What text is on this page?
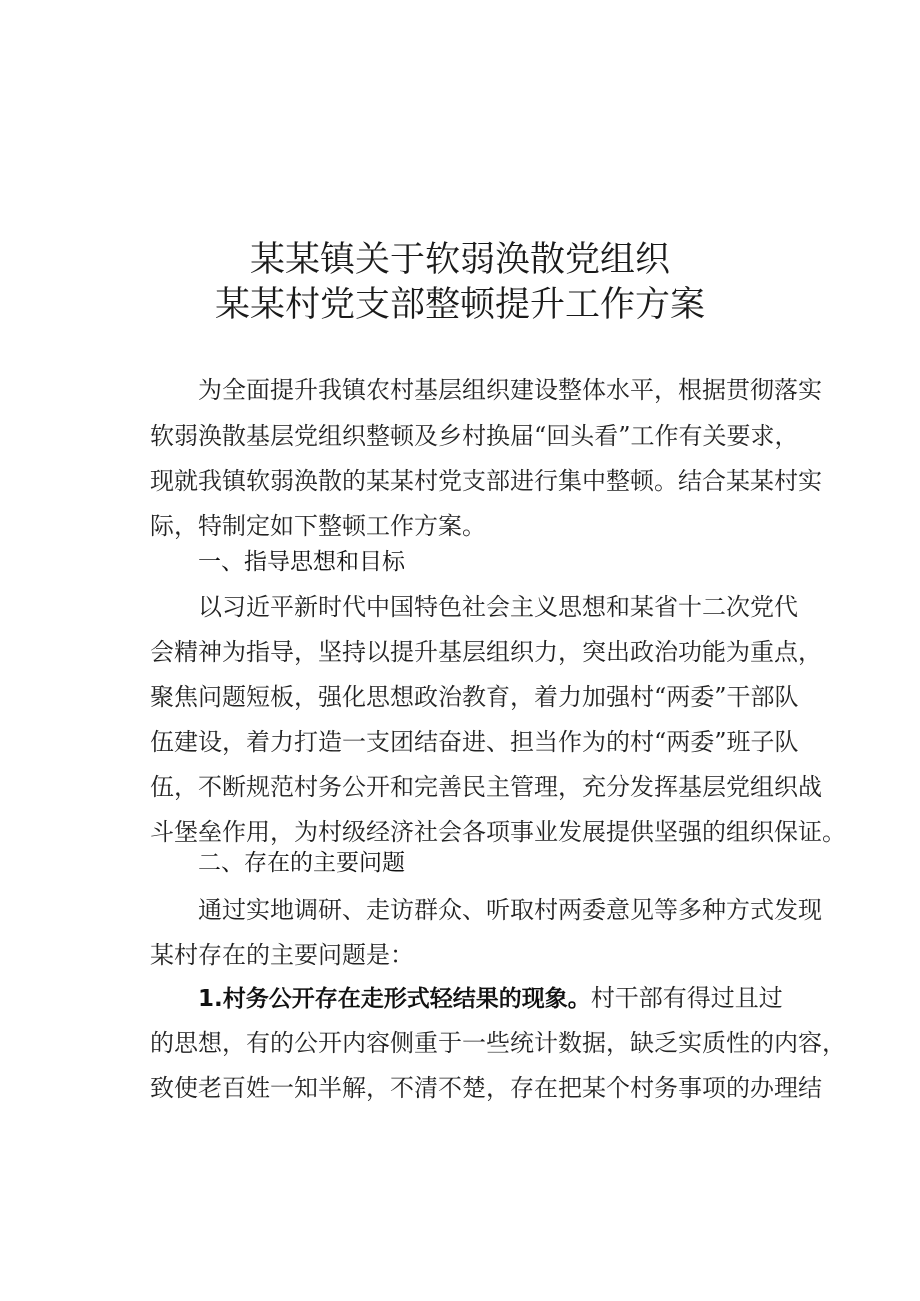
某某镇关于软弱涣散党组织
某某村党支部整顿提升工作方案
为全面提升我镇农村基层组织建设整体水平，根据贯彻落实
软弱涣散基层党组织整顿及乡村换届“回头看”工作有关要求，
现就我镇软弱涣散的某某村党支部进行集中整顿。结合某某村实
际，特制定如下整顿工作方案。
一、指导思想和目标
以习近平新时代中国特色社会主义思想和某省十二次党代
会精神为指导，坚持以提升基层组织力，突出政治功能为重点，
聚焦问题短板，强化思想政治教育，着力加强村“两委”干部队
伍建设，着力打造一支团结奋进、担当作为的村“两委”班子队
伍，不断规范村务公开和完善民主管理，充分发挥基层党组织战
斗堡垒作用，为村级经济社会各项事业发展提供坚强的组织保证。
二、存在的主要问题
通过实地调研、走访群众、听取村两委意见等多种方式发现
某村存在的主要问题是：
1.村务公开存在走形式轻结果的现象。村干部有得过且过
的思想，有的公开内容侧重于一些统计数据，缺乏实质性的内容，
致使老百姓一知半解，不清不楚，存在把某个村务事项的办理结
